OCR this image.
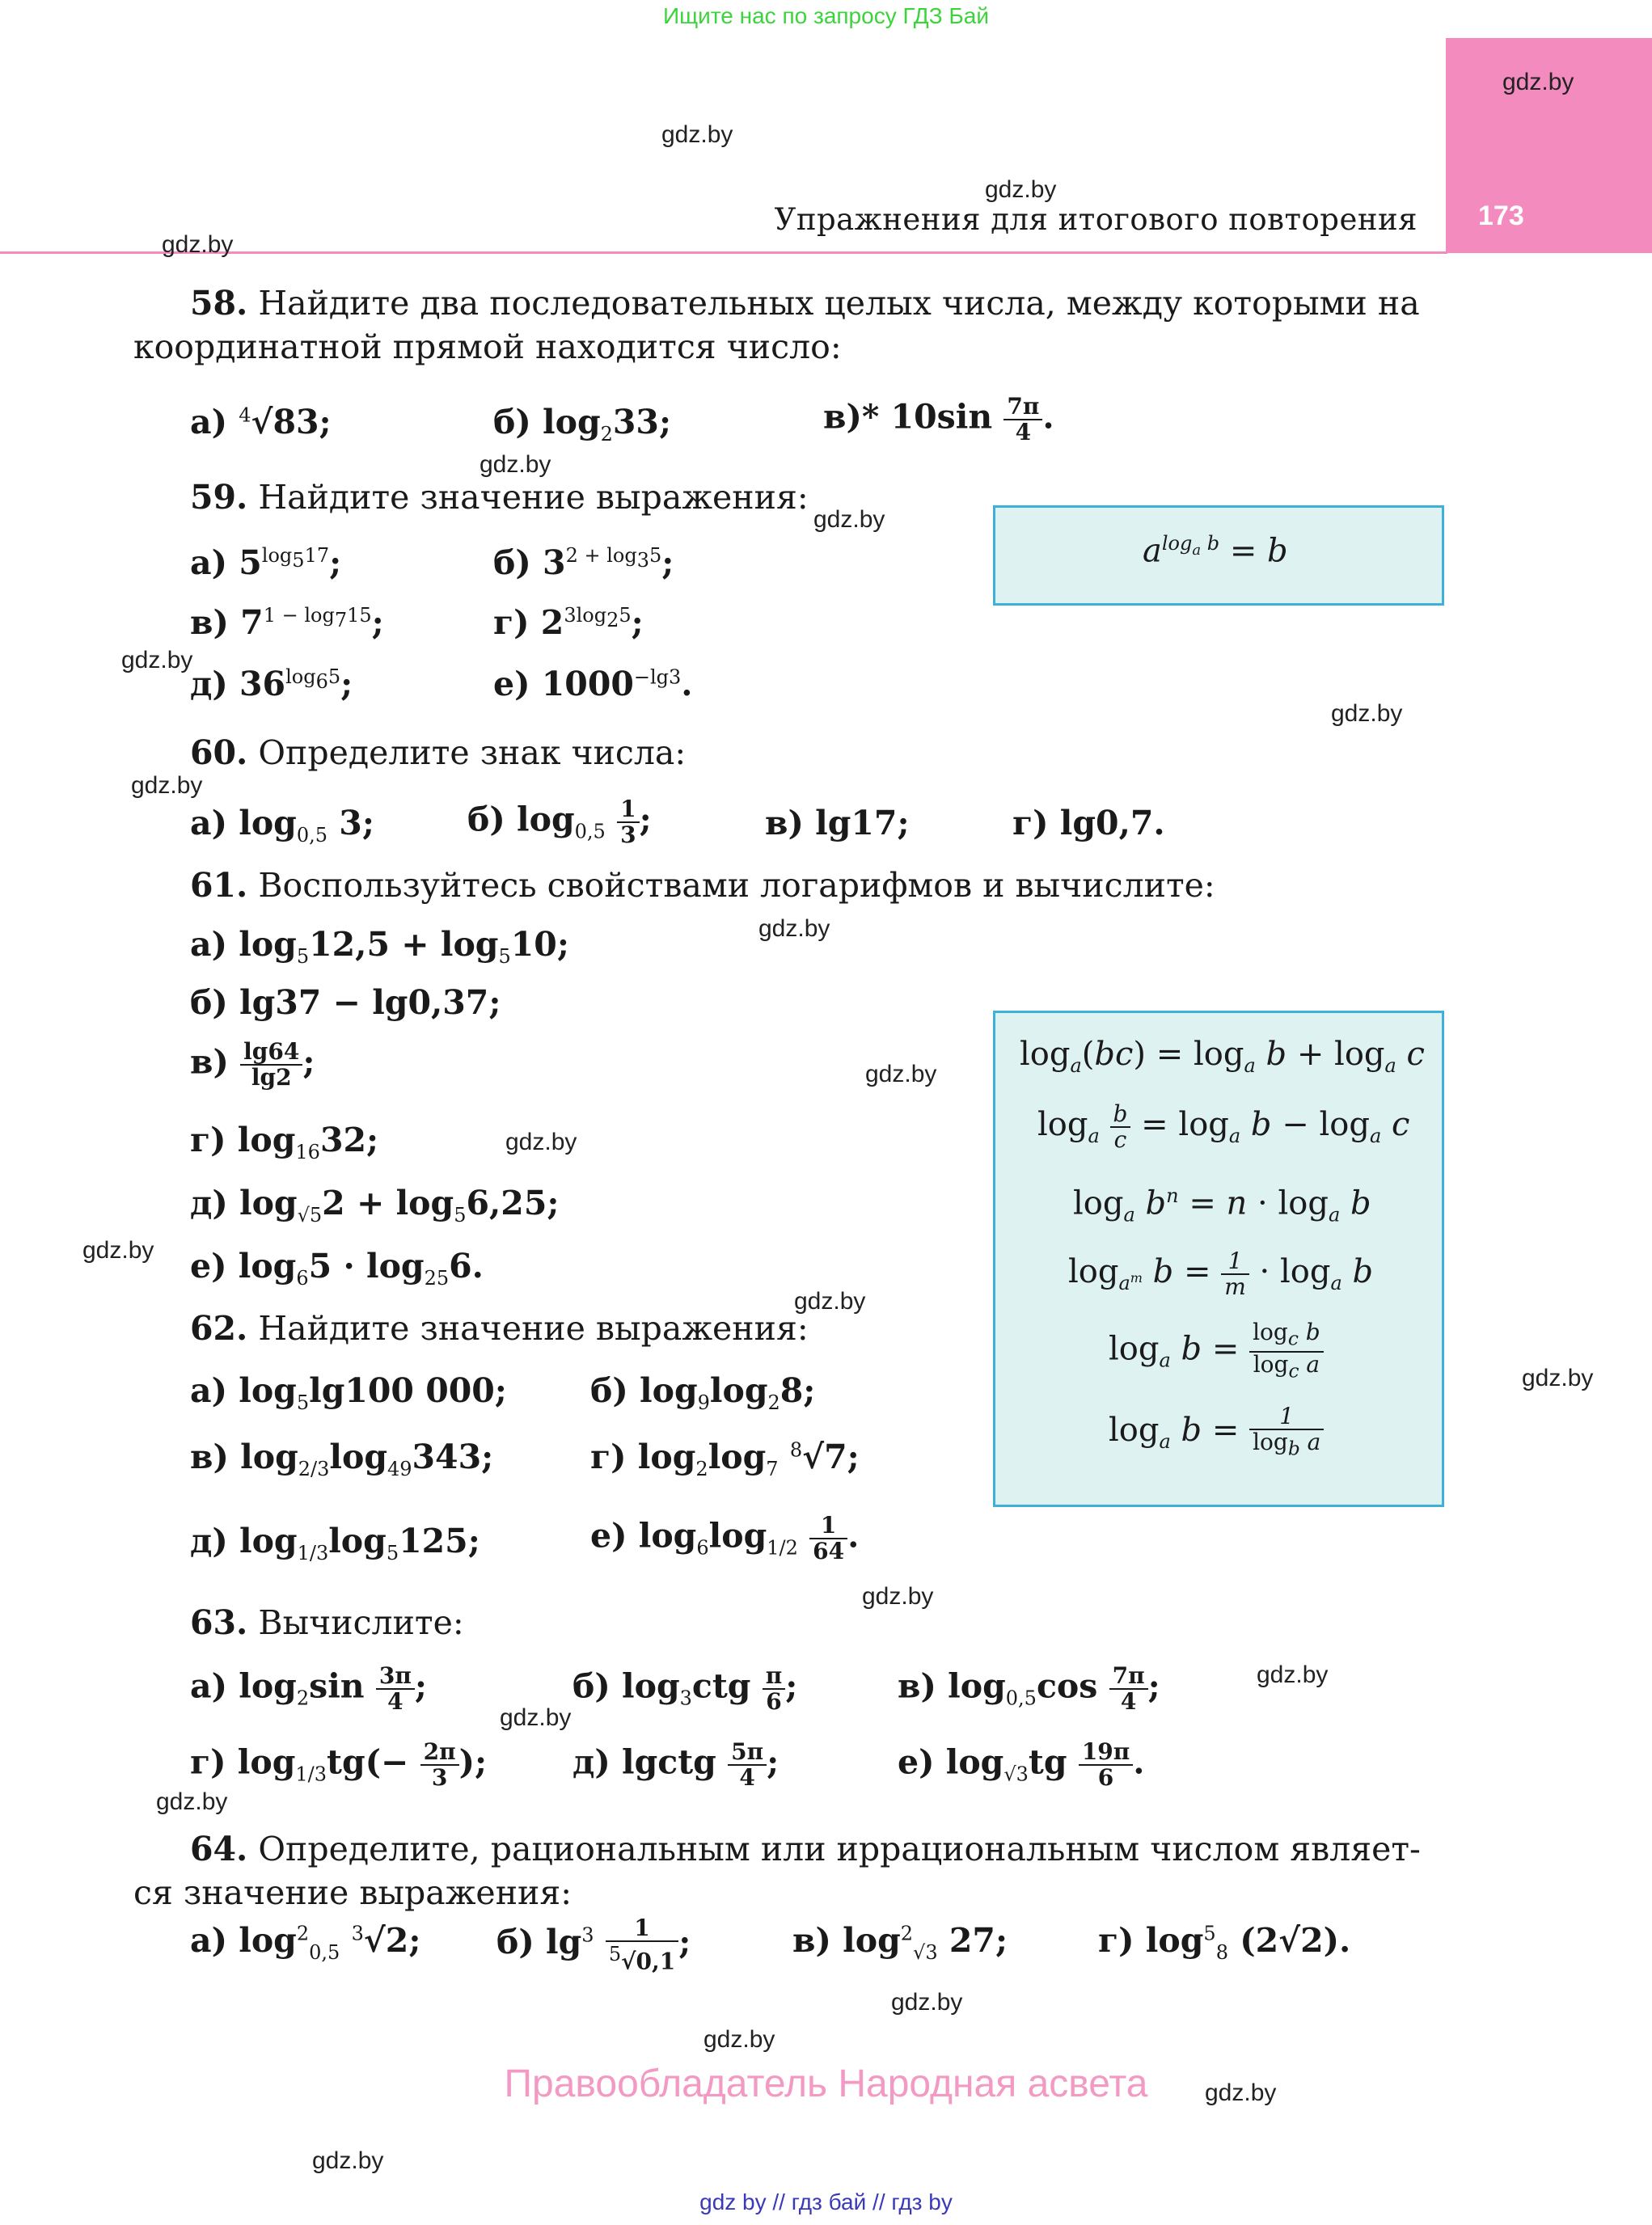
Ищите нас по запросу ГДЗ Бай
173
Упражнения для итогового повторения
gdz.by
gdz.by
gdz.by
gdz.by
gdz.by
gdz.by
gdz.by
gdz.by
gdz.by
gdz.by
gdz.by
gdz.by
gdz.by
gdz.by
gdz.by
gdz.by
gdz.by
gdz.by
gdz.by
gdz.by
gdz.by
gdz.by
gdz.by
58. Найдите два последовательных целых числа, между которыми на
координатной прямой находится число:
а) $^4$√83;	б) $\log_233$;	в)* $10\sin \frac{7\pi}{4}$ .
59. Найдите значение выражения:
$a^{log_a b} = b$
а) $5^{log_517}$;	б) $3^{2 + log_35}$;
в) $7^{1 - log_715}$;	г) $2^{3log_25}$;
д) $36^{log_65}$;	е) $1000^{-lg3}$.
60. Определите знак числа:
а) $\log_{0,5} 3$;	б) $\log_{0,5} \frac{1}{3}$ ;	в) lg17;	г) lg0,7.
61. Воспользуйтесь свойствами логарифмов и вычислите:
а) $\log_512,5 + \log_510$;
б) lg37 − lg0,37;
$в) \frac{\lg 64}{\lg 2}$ ;
г) $\log_{16}32$;
д) $\log_{√5}2 + \log_56,25$;
е) $\log_65 \cdot \log_{25}6$.
$\log_a(bc) = \log_a b + \log_a c$
$\log_a \frac{b}{c} = \log_a b - \log_a c$
$\log_a b^n = n \cdot \log_a b$
$\log_{a^m} b = \frac{1}{m} \cdot \log_a b$
$\log_a b = \frac{\log_c b}{\log_c a}$
$\log_a b = \frac{1}{\log_b a}$
62. Найдите значение выражения:
а) $\log_5\lg 100$ 000;	б) $\log_9\log_28$;
в) $\log_{2/3}\log_{49}343$;	г) $\log_2\log_7$ $^8$√7;
д) $\log_{1/3}\log_5125$;	е) $\log_6\log_{1/2} \frac{1}{64}$ .
63. Вычислите:
а) $\log_2\sin \frac{3\pi}{4}$ ;	б) $\log_3ctg \frac{\pi}{6}$ ;	в) $\log_{0,5}\cos \frac{7\pi}{4}$ ;
г) $\log_{1/3}tg(- \frac{2\pi}{3}$ );	д) lgctg $\frac{5\pi}{4}$ ;	е) $\log_{√3}tg \frac{19\pi}{6}$ .
64. Определите, рациональным или иррациональным числом являет-
ся значение выражения:
а) $\log^2_{0,5} ^3√2$; б) $\lg^3 \frac{1}{^5√0,1}$ ;	в) $\log^2_{√3} 27$;	г) $\log^5_8 (2√2)$.
Правообладатель Народная асвета
gdz by // гдз бай // гдз by
